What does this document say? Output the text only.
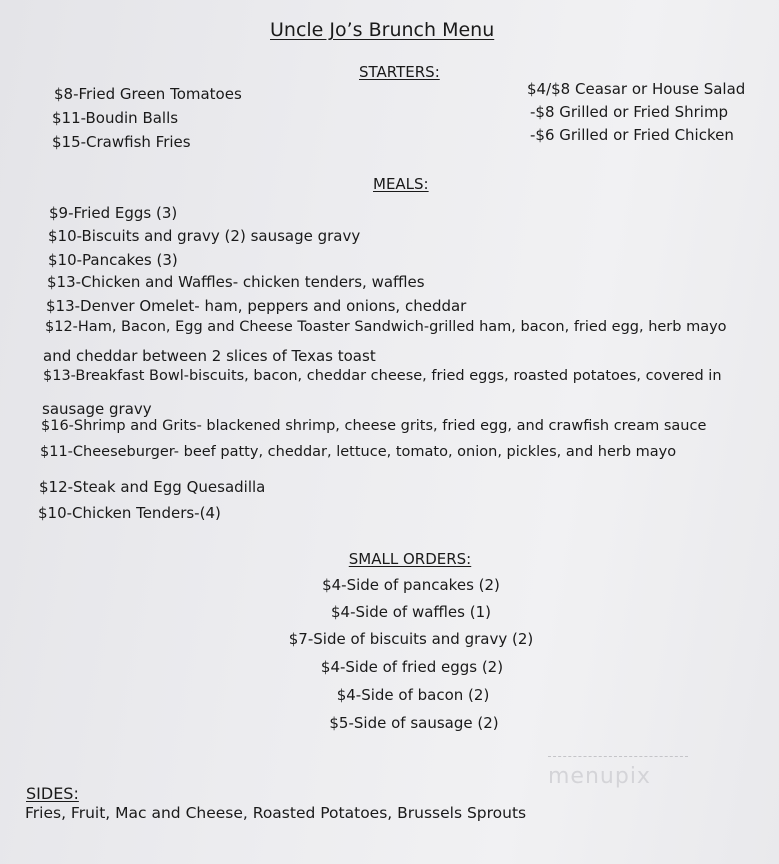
Uncle Jo’s Brunch Menu
STARTERS:
$8-Fried Green Tomatoes
$11-Boudin Balls
$15-Crawfish Fries
$4/$8 Ceasar or House Salad
-$8 Grilled or Fried Shrimp
-$6 Grilled or Fried Chicken
MEALS:
$9-Fried Eggs (3)
$10-Biscuits and gravy (2) sausage gravy
$10-Pancakes (3)
$13-Chicken and Waffles- chicken tenders, waffles
$13-Denver Omelet- ham, peppers and onions, cheddar
$12-Ham, Bacon, Egg and Cheese Toaster Sandwich-grilled ham, bacon, fried egg, herb mayo
and cheddar between 2 slices of Texas toast
$13-Breakfast Bowl-biscuits, bacon, cheddar cheese, fried eggs, roasted potatoes, covered in
sausage gravy
$16-Shrimp and Grits- blackened shrimp, cheese grits, fried egg, and crawfish cream sauce
$11-Cheeseburger- beef patty, cheddar, lettuce, tomato, onion, pickles, and herb mayo
$12-Steak and Egg Quesadilla
$10-Chicken Tenders-(4)
SMALL ORDERS:
$4-Side of pancakes (2)
$4-Side of waffles (1)
$7-Side of biscuits and gravy (2)
$4-Side of fried eggs (2)
$4-Side of bacon (2)
$5-Side of sausage (2)
SIDES:
Fries, Fruit, Mac and Cheese, Roasted Potatoes, Brussels Sprouts
menupix
